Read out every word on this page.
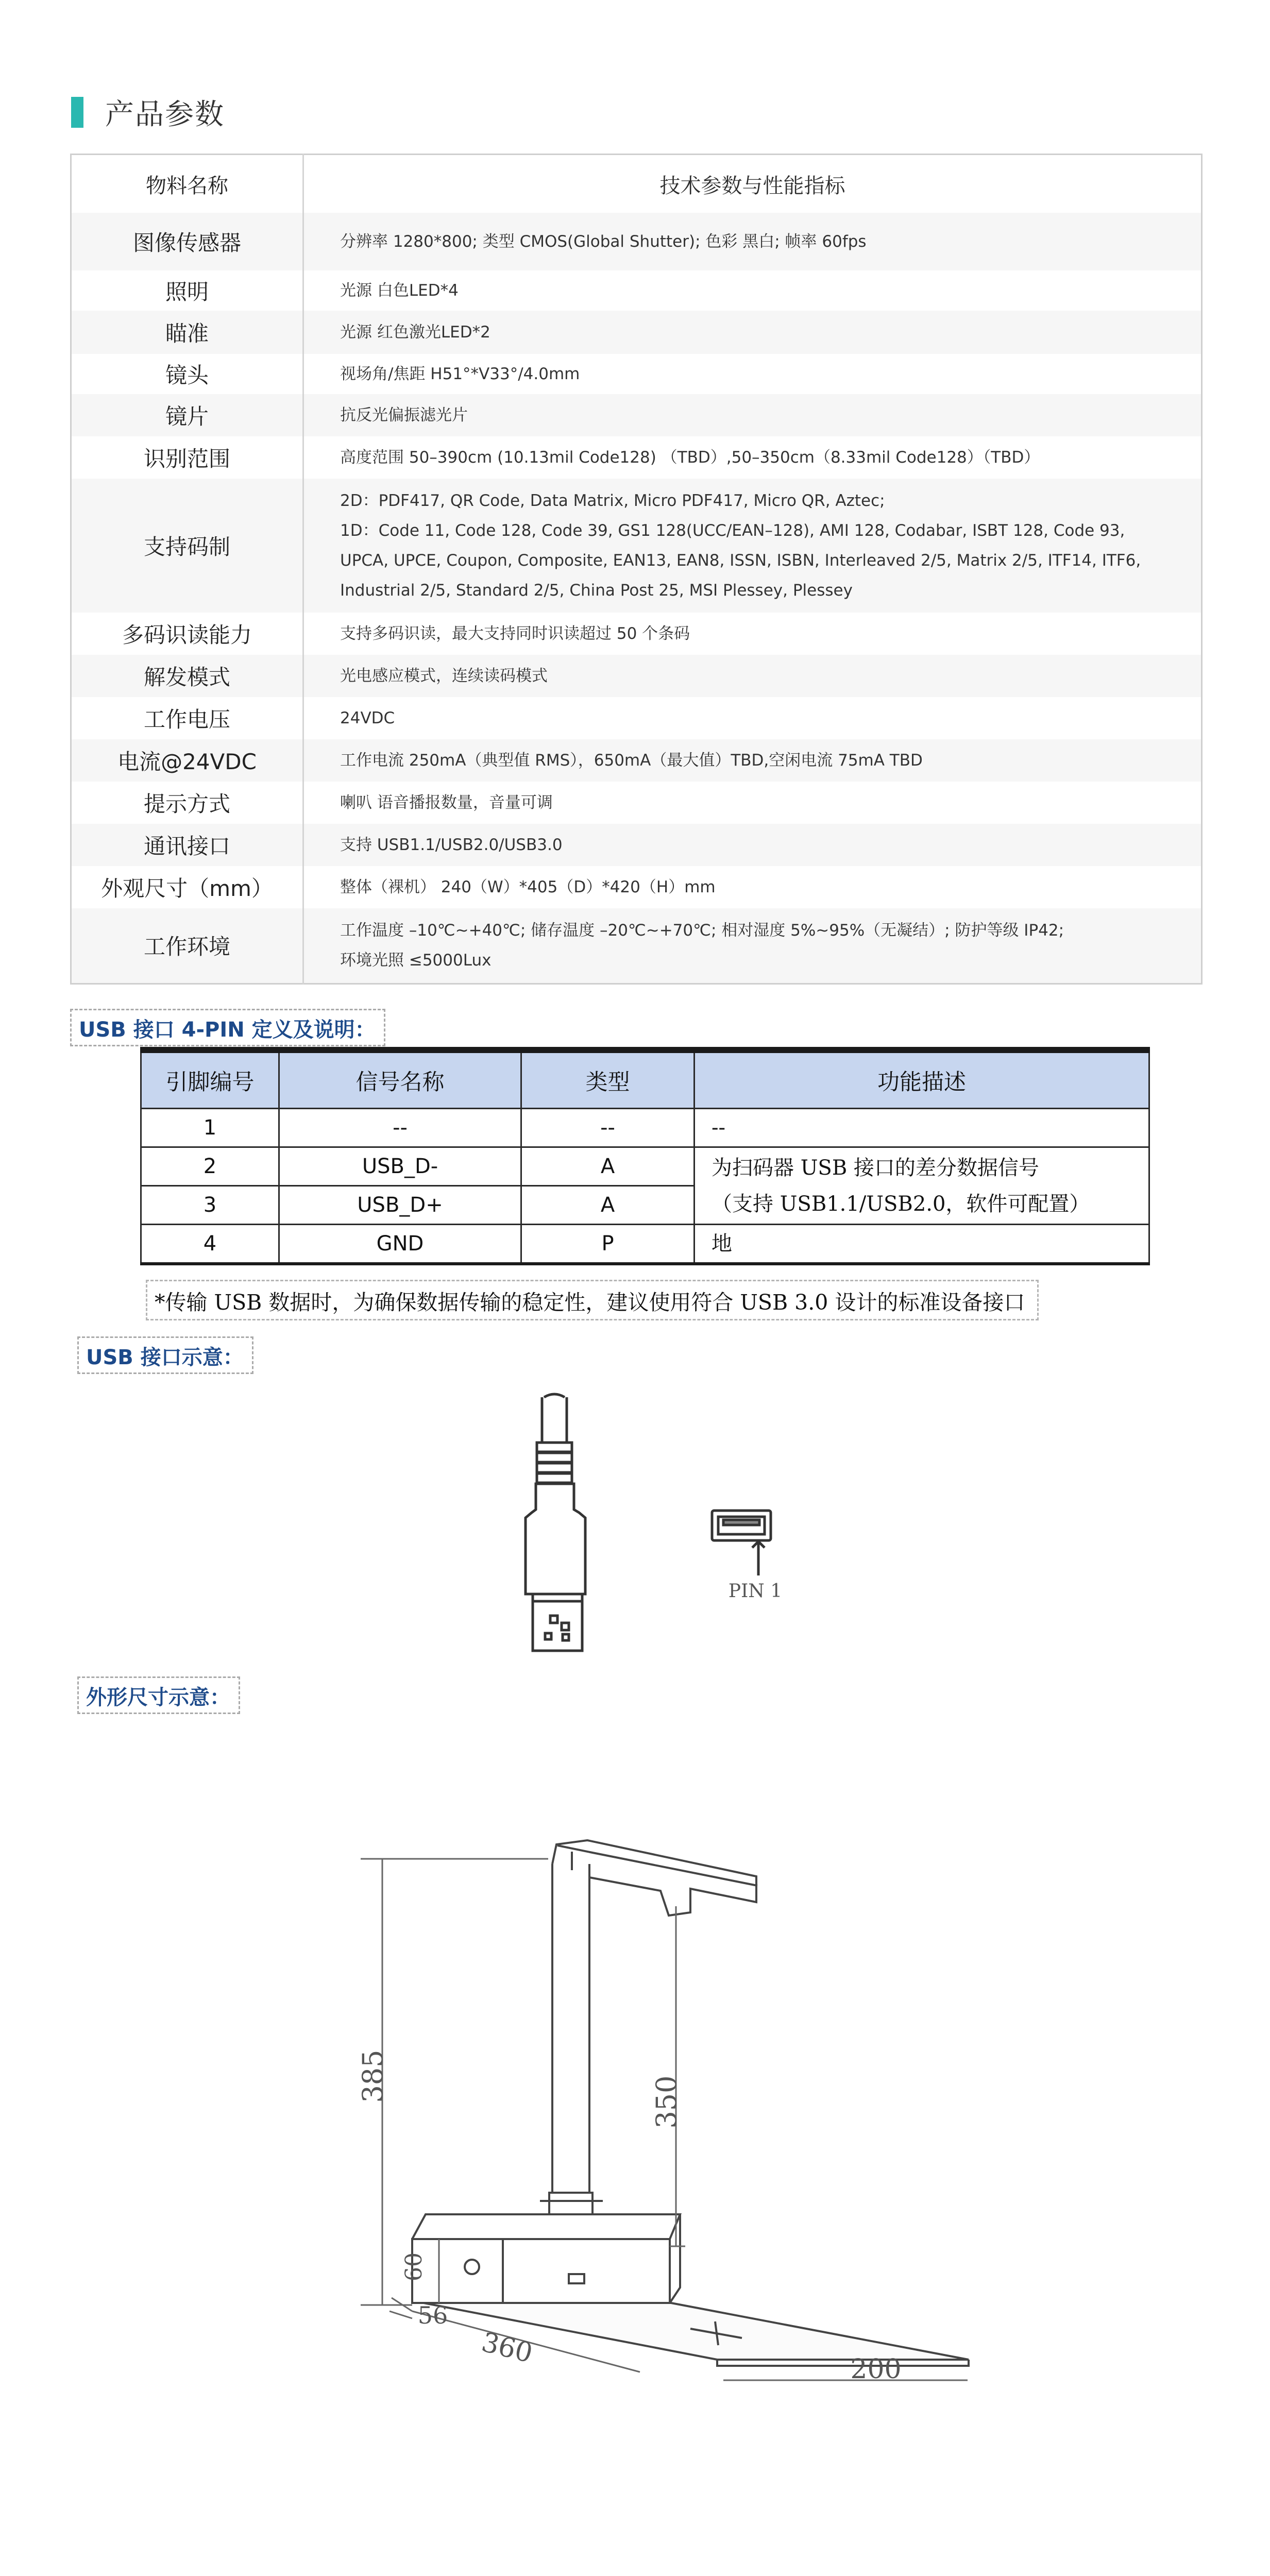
产品参数
物料名称	技术参数与性能指标
图像传感器	分辨率 1280*800; 类型 CMOS(Global Shutter); 色彩 黑白; 帧率 60fps

照明	光源 白色LED*4

瞄准	光源 红色激光LED*2

镜头	视场角/焦距 H51°*V33°/4.0mm

镜片	抗反光偏振滤光片

识别范围	高度范围 50–390cm (10.13mil Code128) （TBD）,50–350cm（8.33mil Code128）（TBD）

支持码制	2D：PDF417, QR Code, Data Matrix, Micro PDF417, Micro QR, Aztec;
1D：Code 11, Code 128, Code 39, GS1 128(UCC/EAN–128), AMI 128, Codabar, ISBT 128, Code 93,
UPCA, UPCE, Coupon, Composite, EAN13, EAN8, ISSN, ISBN, Interleaved 2/5, Matrix 2/5, ITF14, ITF6,
Industrial 2/5, Standard 2/5, China Post 25, MSI Plessey, Plessey

多码识读能力	支持多码识读，最大支持同时识读超过 50 个条码

解发模式	光电感应模式，连续读码模式

工作电压	24VDC

电流@24VDC	工作电流 250mA（典型值 RMS），650mA（最大值）TBD,空闲电流 75mA TBD

提示方式	喇叭 语音播报数量，音量可调

通讯接口	支持 USB1.1/USB2.0/USB3.0

外观尺寸（mm）	整体（裸机） 240（W）*405（D）*420（H）mm

工作环境	工作温度 –10℃~+40℃; 储存温度 –20℃~+70℃; 相对湿度 5%~95%（无凝结）; 防护等级 IP42;
环境光照 ≤5000Lux
USB 接口 4-PIN 定义及说明：
引脚编号	信号名称	类型	功能描述
1	--	--	--
2	USB_D-	A	为扫码器 USB 接口的差分数据信号
（支持 USB1.1/USB2.0，软件可配置）

3	USB_D+	A	
4	GND	P	地
*传输 USB 数据时，为确保数据传输的稳定性，建议使用符合 USB 3.0 设计的标准设备接口
USB 接口示意：
PIN 1
385	350
60
56
360
200
外形尺寸示意：
